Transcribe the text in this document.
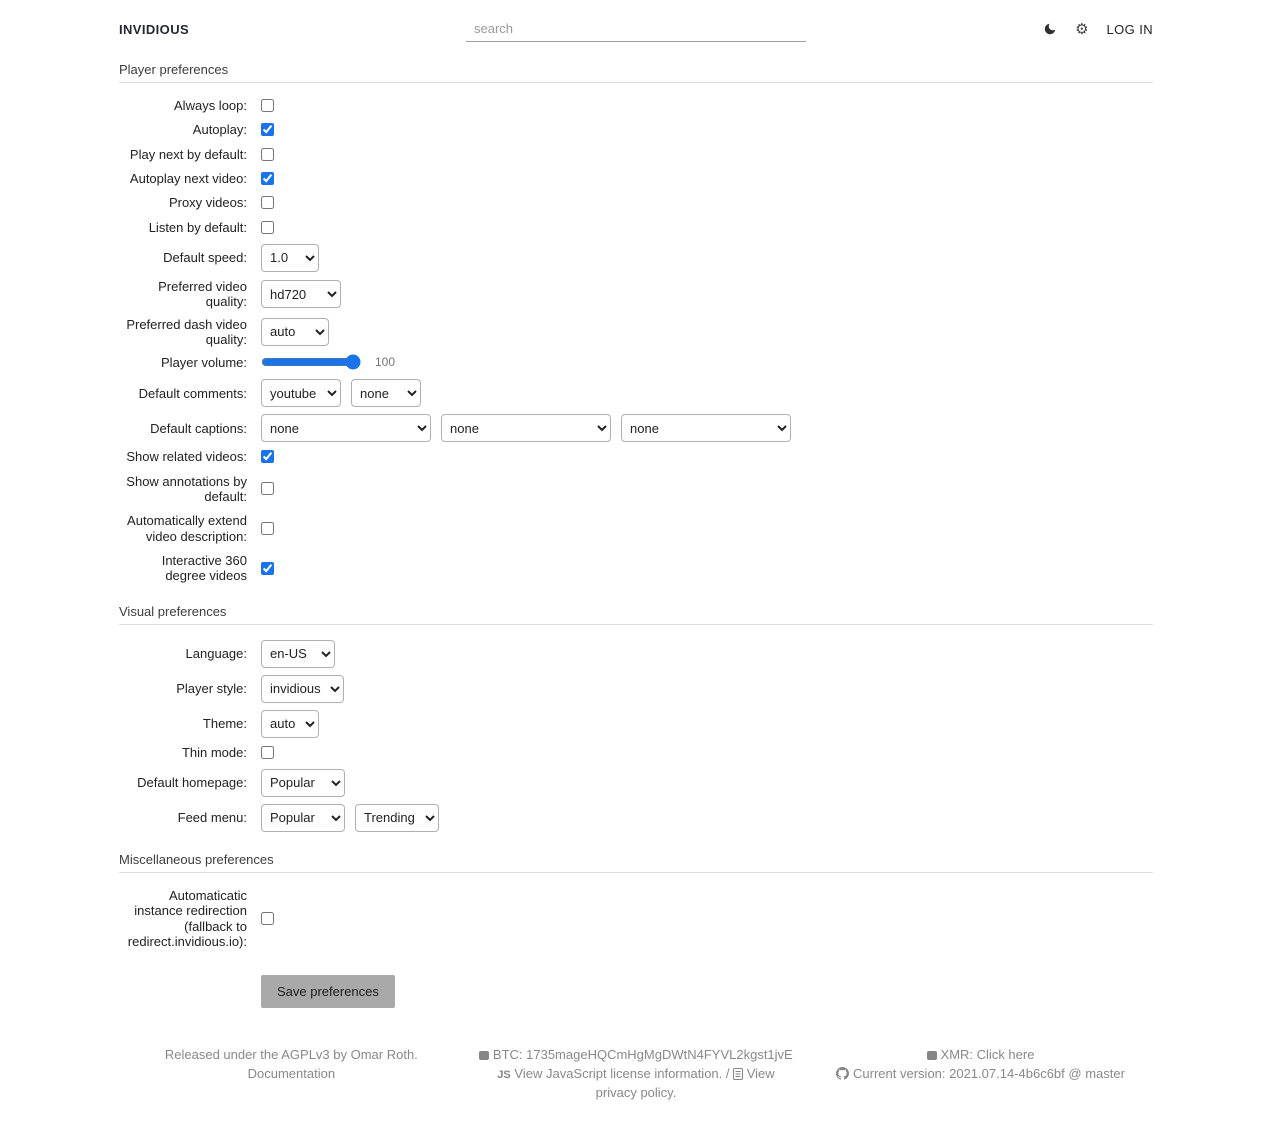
INVIDIOUS
search	⚙︎ LOG IN
Player preferences
Always loop:
Autoplay:
Play next by default:
Autoplay next video:
Proxy videos:
Listen by default:
Default speed:
1.0
Preferred video quality:
hd720
Preferred dash video quality:
auto
Player volume:	100
Default comments:
youtube
none
Default captions:
none
none
none
Show related videos:
Show annotations by default:
Automatically extend video description:
Interactive 360 degree videos
Visual preferences
Language:
en-US
Player style:
invidious
Theme:
auto
Thin mode:
Default homepage:
Popular
Feed menu:
Popular
Trending
Miscellaneous preferences
Automaticatic instance redirection (fallback to redirect.invidious.io):
Save preferences
Released under the AGPLv3 by Omar Roth.
Documentation
BTC: 1735mageHQCmHgMgDWtN4FYVL2kgst1jvE
JS View JavaScript license information. /
View privacy policy.
XMR: Click here

Current version: 2021.07.14-4b6c6bf @ master
